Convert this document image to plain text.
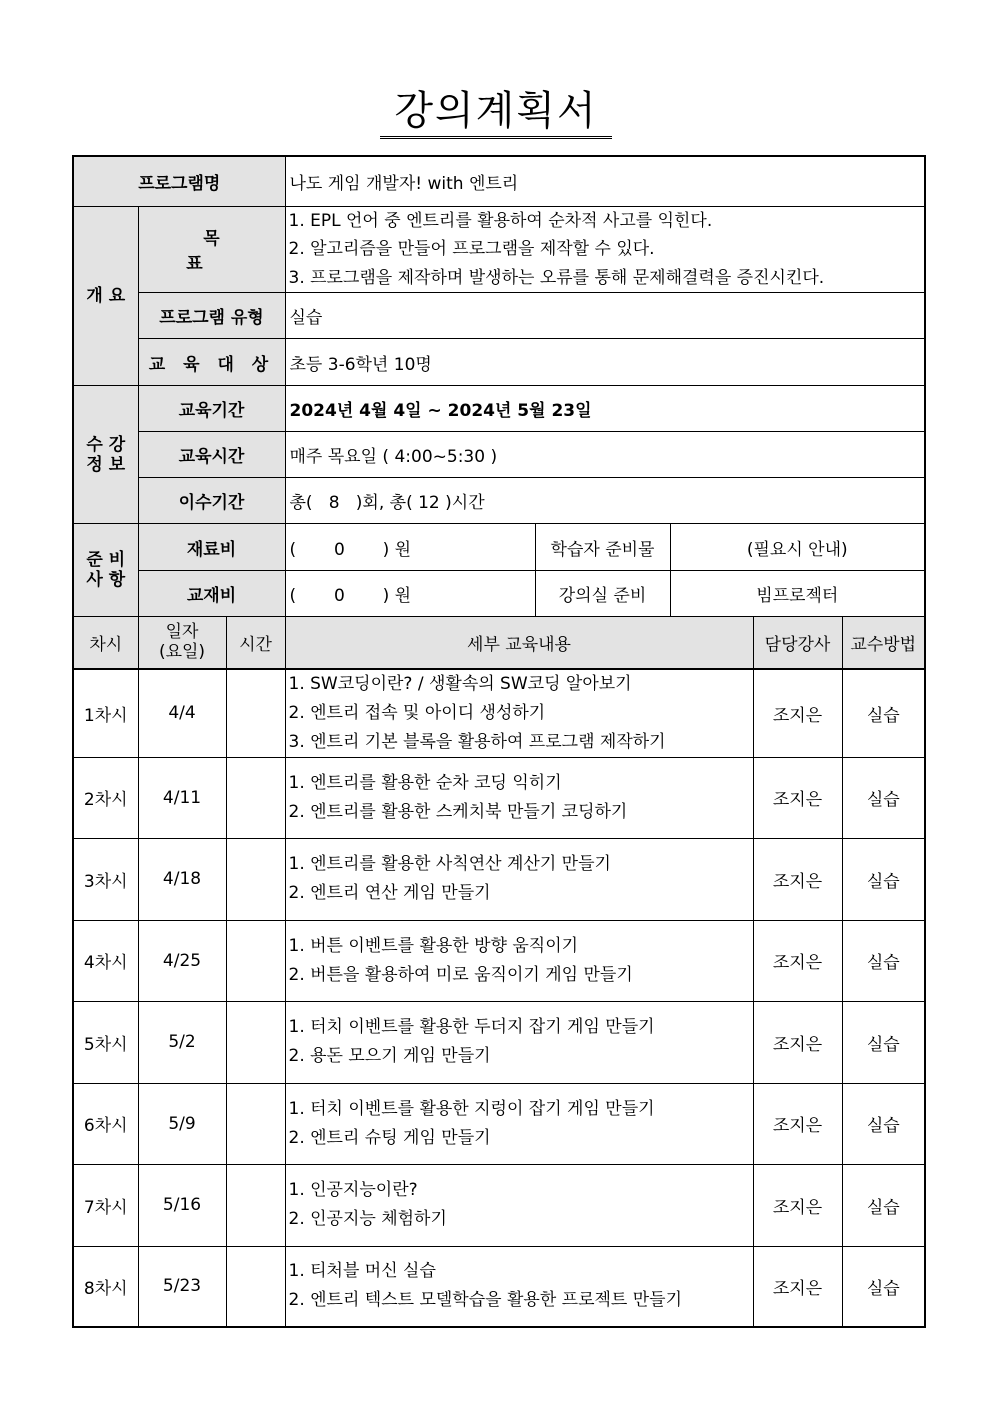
강의계획서
프로그램명			나도 게임 개발자! with 엔트리				
개 요	목 표		1. EPL 언어 중 엔트리를 활용하여 순차적 사고를 익힌다.
2. 알고리즘을 만들어 프로그램을 제작할 수 있다.
3. 프로그램을 제작하며 발생하는 오류를 통해 문제해결력을 증진시킨다.				

	프로그램 유형		실습				
	교 육 대 상		초등 3-6학년 10명				

수 강
정 보	교육기간		2024년 4월 4일 ~ 2024년 5월 23일				
	교육시간		매주 목요일 ( 4:00~5:30 )				
	이수기간		총(   8   )회, 총( 12 )시간				

준 비
사 항	재료비		(       0       ) 원	학습자 준비물	(필요시 안내)		
	교재비		(       0       ) 원	강의실 준비	빔프로젝터		
차시	일자
(요일)	시간	세부 교육내용			담당강사	교수방법
1차시	4/4		1. SW코딩이란? / 생활속의 SW코딩 알아보기
2. 엔트리 접속 및 아이디 생성하기
3. 엔트리 기본 블록을 활용하여 프로그램 제작하기			조지은	실습
2차시	4/11		1. 엔트리를 활용한 순차 코딩 익히기
2. 엔트리를 활용한 스케치북 만들기 코딩하기			조지은	실습
3차시	4/18		1. 엔트리를 활용한 사칙연산 계산기 만들기
2. 엔트리 연산 게임 만들기			조지은	실습
4차시	4/25		1. 버튼 이벤트를 활용한 방향 움직이기
2. 버튼을 활용하여 미로 움직이기 게임 만들기			조지은	실습
5차시	5/2		1. 터치 이벤트를 활용한 두더지 잡기 게임 만들기
2. 용돈 모으기 게임 만들기			조지은	실습
6차시	5/9		1. 터치 이벤트를 활용한 지렁이 잡기 게임 만들기
2. 엔트리 슈팅 게임 만들기			조지은	실습
7차시	5/16		1. 인공지능이란?
2. 인공지능 체험하기			조지은	실습
8차시	5/23		1. 티처블 머신 실습
2. 엔트리 텍스트 모델학습을 활용한 프로젝트 만들기			조지은	실습
